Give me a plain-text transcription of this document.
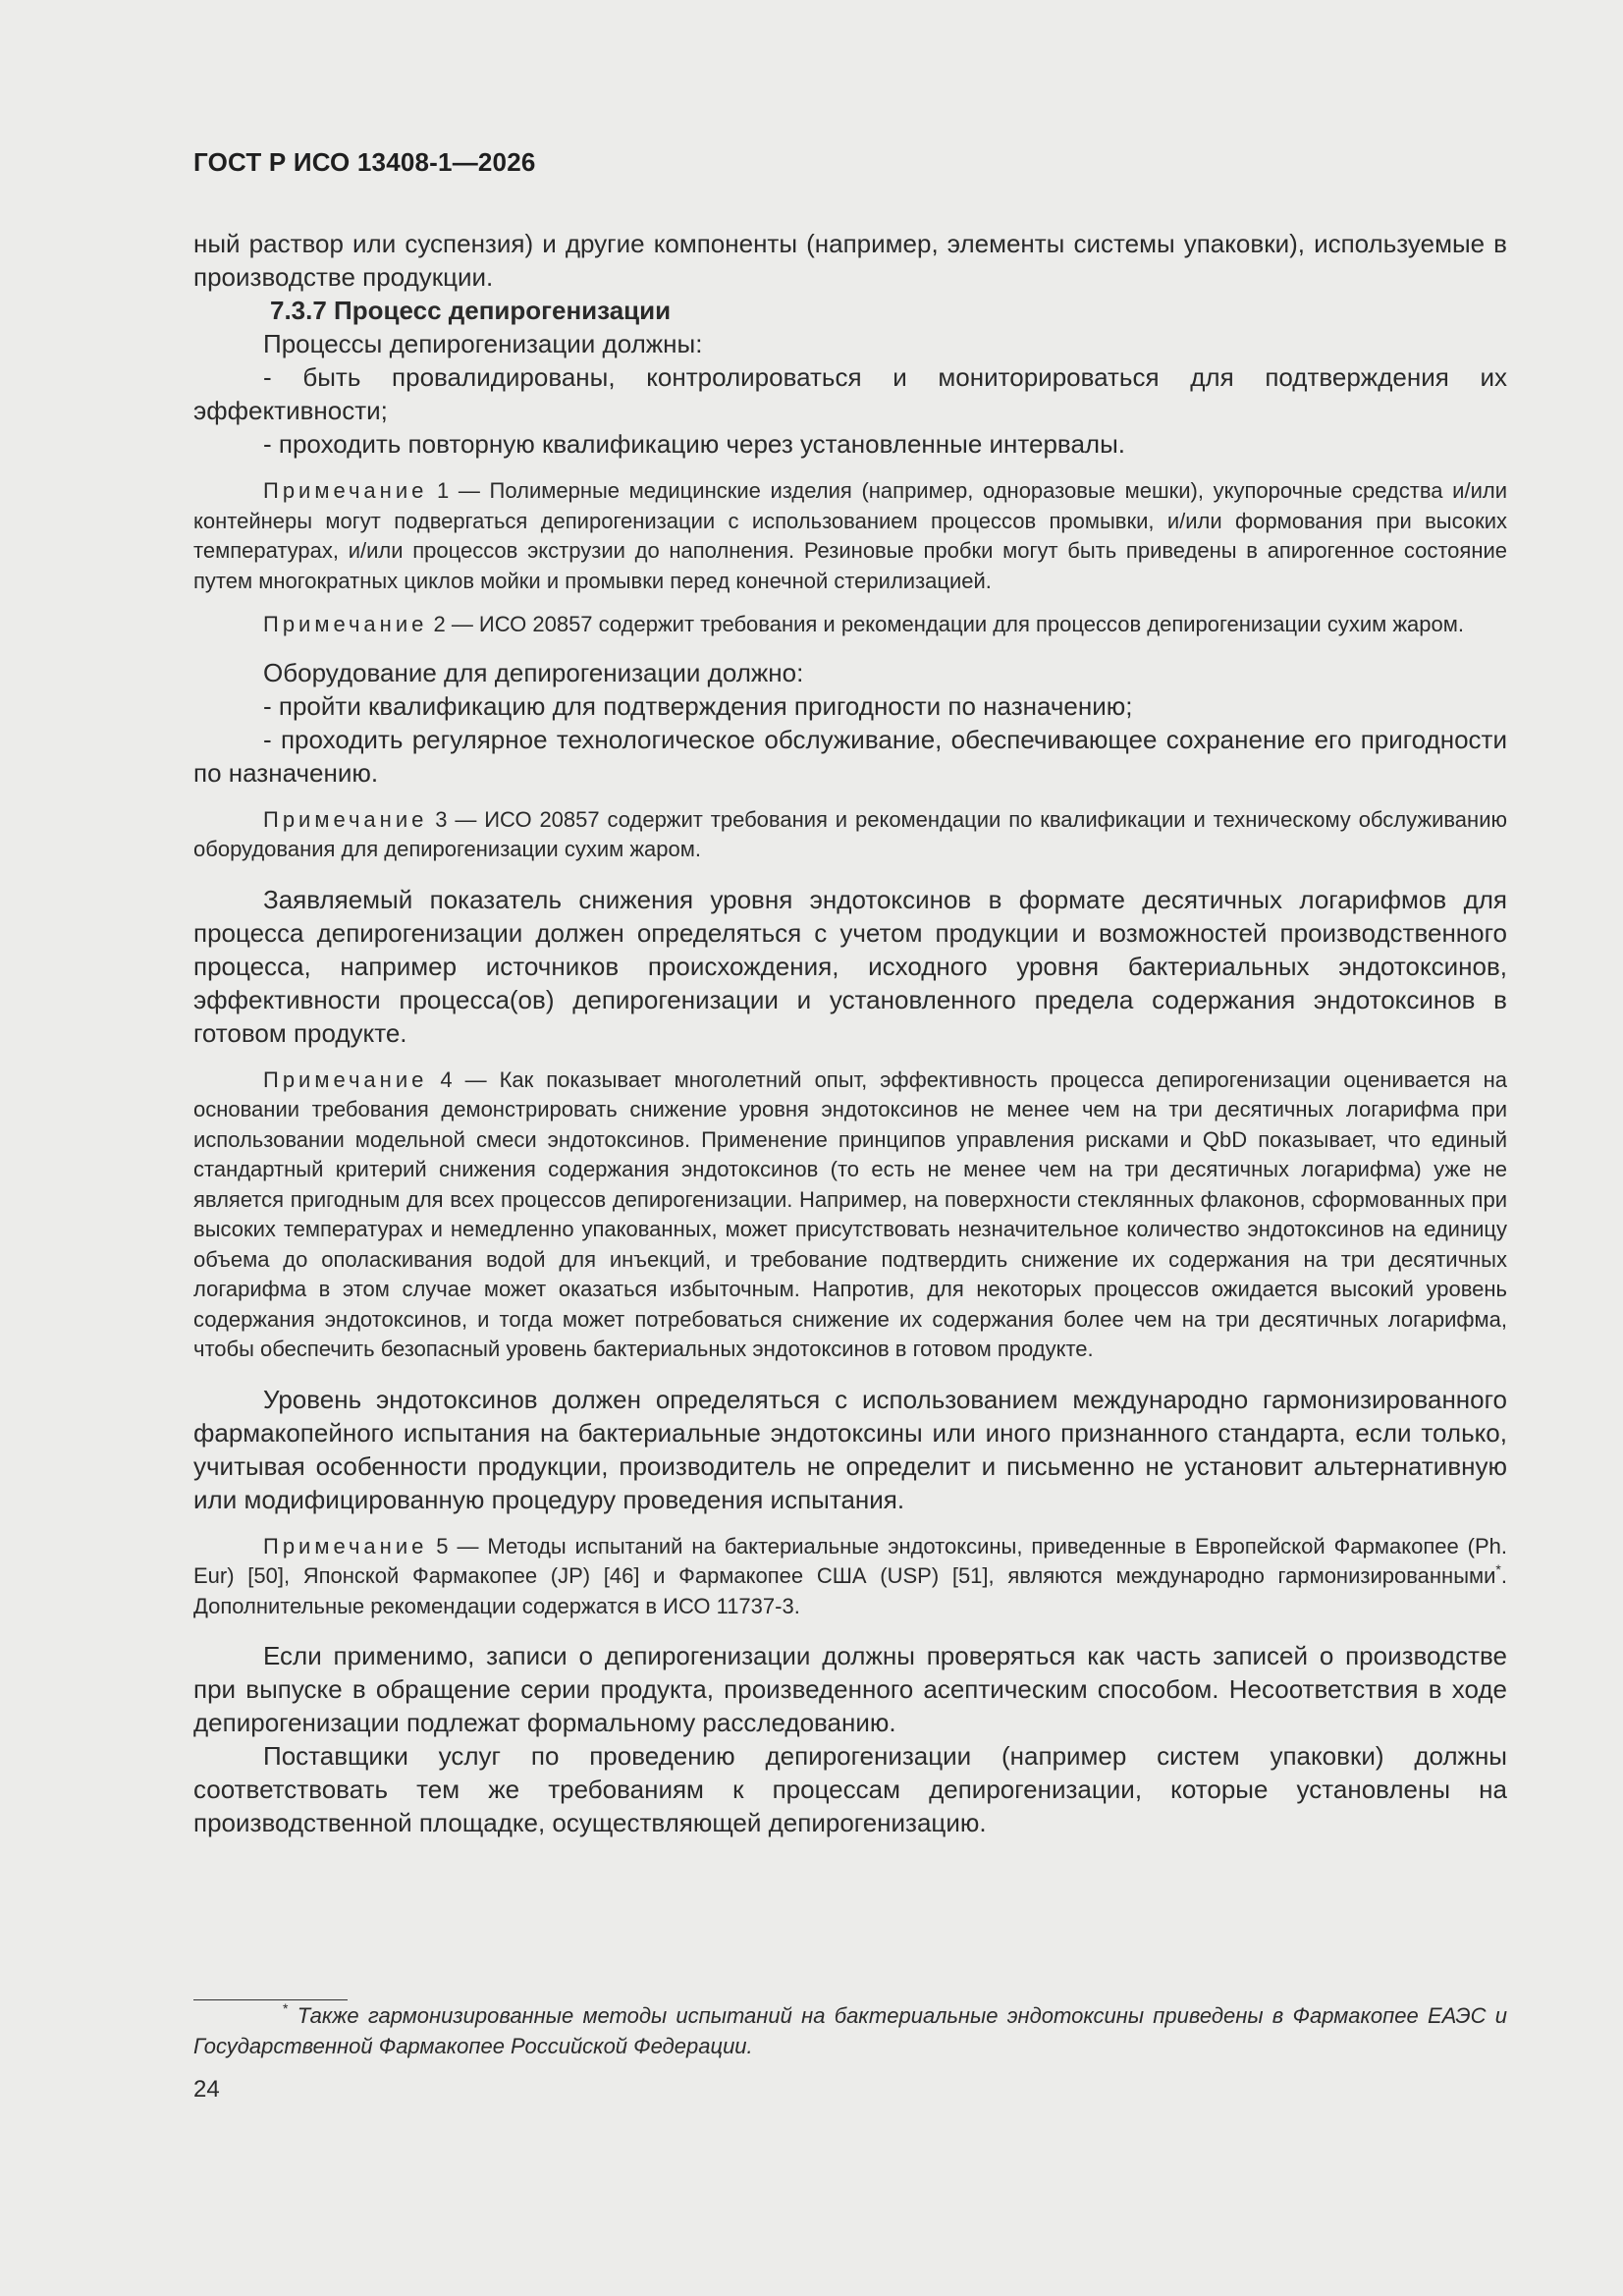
ГОСТ Р ИСО 13408-1—2026

ный раствор или суспензия) и другие компоненты (например, элементы системы упаковки), используемые в производстве продукции.

7.3.7 Процесс депирогенизации

Процессы депирогенизации должны:

- быть провалидированы, контролироваться и мониторироваться для подтверждения их эффективности;

- проходить повторную квалификацию через установленные интервалы.

Примечание 1 — Полимерные медицинские изделия (например, одноразовые мешки), укупорочные средства и/или контейнеры могут подвергаться депирогенизации с использованием процессов промывки, и/или формования при высоких температурах, и/или процессов экструзии до наполнения. Резиновые пробки могут быть приведены в апирогенное состояние путем многократных циклов мойки и промывки перед конечной стерилизацией.

Примечание 2 — ИСО 20857 содержит требования и рекомендации для процессов депирогенизации сухим жаром.

Оборудование для депирогенизации должно:

- пройти квалификацию для подтверждения пригодности по назначению;

- проходить регулярное технологическое обслуживание, обеспечивающее сохранение его пригодности по назначению.

Примечание 3 — ИСО 20857 содержит требования и рекомендации по квалификации и техническому обслуживанию оборудования для депирогенизации сухим жаром.

Заявляемый показатель снижения уровня эндотоксинов в формате десятичных логарифмов для процесса депирогенизации должен определяться с учетом продукции и возможностей производственного процесса, например источников происхождения, исходного уровня бактериальных эндотоксинов, эффективности процесса(ов) депирогенизации и установленного предела содержания эндотоксинов в готовом продукте.

Примечание 4 — Как показывает многолетний опыт, эффективность процесса депирогенизации оценивается на основании требования демонстрировать снижение уровня эндотоксинов не менее чем на три десятичных логарифма при использовании модельной смеси эндотоксинов. Применение принципов управления рисками и QbD показывает, что единый стандартный критерий снижения содержания эндотоксинов (то есть не менее чем на три десятичных логарифма) уже не является пригодным для всех процессов депирогенизации. Например, на поверхности стеклянных флаконов, сформованных при высоких температурах и немедленно упакованных, может присутствовать незначительное количество эндотоксинов на единицу объема до ополаскивания водой для инъекций, и требование подтвердить снижение их содержания на три десятичных логарифма в этом случае может оказаться избыточным. Напротив, для некоторых процессов ожидается высокий уровень содержания эндотоксинов, и тогда может потребоваться снижение их содержания более чем на три десятичных логарифма, чтобы обеспечить безопасный уровень бактериальных эндотоксинов в готовом продукте.

Уровень эндотоксинов должен определяться с использованием международно гармонизированного фармакопейного испытания на бактериальные эндотоксины или иного признанного стандарта, если только, учитывая особенности продукции, производитель не определит и письменно не установит альтернативную или модифицированную процедуру проведения испытания.

Примечание 5 — Методы испытаний на бактериальные эндотоксины, приведенные в Европейской Фармакопее (Ph. Eur) [50], Японской Фармакопее (JP) [46] и Фармакопее США (USP) [51], являются международно гармонизированными*. Дополнительные рекомендации содержатся в ИСО 11737-3.

Если применимо, записи о депирогенизации должны проверяться как часть записей о производстве при выпуске в обращение серии продукта, произведенного асептическим способом. Несоответствия в ходе депирогенизации подлежат формальному расследованию.

Поставщики услуг по проведению депирогенизации (например систем упаковки) должны соответствовать тем же требованиям к процессам депирогенизации, которые установлены на производственной площадке, осуществляющей депирогенизацию.

* Также гармонизированные методы испытаний на бактериальные эндотоксины приведены в Фармакопее ЕАЭС и Государственной Фармакопее Российской Федерации.

24
